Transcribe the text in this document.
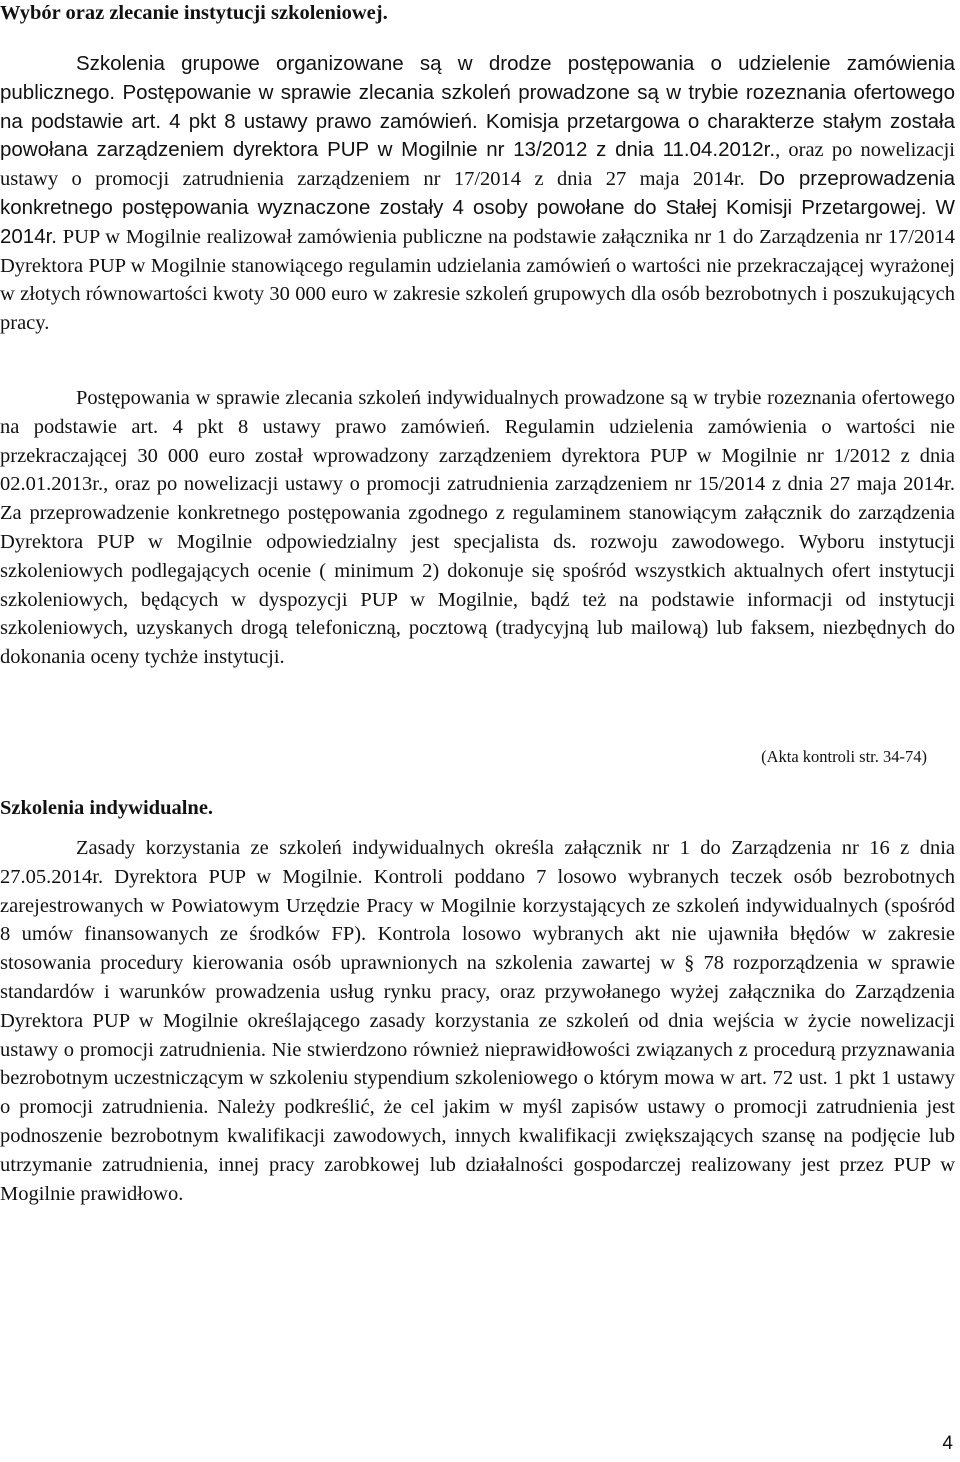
Wybór oraz zlecanie instytucji szkoleniowej.

Szkolenia grupowe organizowane są w drodze postępowania o udzielenie zamówienia publicznego. Postępowanie w sprawie zlecania szkoleń prowadzone są w trybie rozeznania ofertowego na podstawie art. 4 pkt 8 ustawy prawo zamówień. Komisja przetargowa o charakterze stałym została powołana zarządzeniem dyrektora PUP w Mogilnie nr 13/2012 z dnia 11.04.2012r., oraz po nowelizacji ustawy o promocji zatrudnienia zarządzeniem nr 17/2014 z dnia 27 maja 2014r. Do przeprowadzenia konkretnego postępowania wyznaczone zostały 4 osoby powołane do Stałej Komisji Przetargowej. W 2014r. PUP w Mogilnie realizował zamówienia publiczne na podstawie załącznika nr 1 do Zarządzenia nr 17/2014 Dyrektora PUP w Mogilnie stanowiącego regulamin udzielania zamówień o wartości nie przekraczającej wyrażonej w złotych równowartości kwoty 30 000 euro w zakresie szkoleń grupowych dla osób bezrobotnych i poszukujących pracy.

Postępowania w sprawie zlecania szkoleń indywidualnych prowadzone są w trybie rozeznania ofertowego na podstawie art. 4 pkt 8 ustawy prawo zamówień. Regulamin udzielenia zamówienia o wartości nie przekraczającej 30 000 euro został wprowadzony zarządzeniem dyrektora PUP w Mogilnie nr 1/2012 z dnia 02.01.2013r., oraz po nowelizacji ustawy o promocji zatrudnienia zarządzeniem nr 15/2014 z dnia 27 maja 2014r. Za przeprowadzenie konkretnego postępowania zgodnego z regulaminem stanowiącym załącznik do zarządzenia Dyrektora PUP w Mogilnie odpowiedzialny jest specjalista ds. rozwoju zawodowego. Wyboru instytucji szkoleniowych podlegających ocenie ( minimum 2) dokonuje się spośród wszystkich aktualnych ofert instytucji szkoleniowych, będących w dyspozycji PUP w Mogilnie, bądź też na podstawie informacji od instytucji szkoleniowych, uzyskanych drogą telefoniczną, pocztową (tradycyjną lub mailową) lub faksem, niezbędnych do dokonania oceny tychże instytucji.

(Akta kontroli str. 34-74)

Szkolenia indywidualne.

Zasady korzystania ze szkoleń indywidualnych określa załącznik nr 1 do Zarządzenia nr 16 z dnia 27.05.2014r. Dyrektora PUP w Mogilnie. Kontroli poddano 7 losowo wybranych teczek osób bezrobotnych zarejestrowanych w Powiatowym Urzędzie Pracy w Mogilnie korzystających ze szkoleń indywidualnych (spośród 8 umów finansowanych ze środków FP). Kontrola losowo wybranych akt nie ujawniła błędów w zakresie stosowania procedury kierowania osób uprawnionych na szkolenia zawartej w § 78 rozporządzenia w sprawie standardów i warunków prowadzenia usług rynku pracy, oraz przywołanego wyżej załącznika do Zarządzenia Dyrektora PUP w Mogilnie określającego zasady korzystania ze szkoleń od dnia wejścia w życie nowelizacji ustawy o promocji zatrudnienia. Nie stwierdzono również nieprawidłowości związanych z procedurą przyznawania bezrobotnym uczestniczącym w szkoleniu stypendium szkoleniowego o którym mowa w art. 72 ust. 1 pkt 1 ustawy o promocji zatrudnienia. Należy podkreślić, że cel jakim w myśl zapisów ustawy o promocji zatrudnienia jest podnoszenie bezrobotnym kwalifikacji zawodowych, innych kwalifikacji zwiększających szansę na podjęcie lub utrzymanie zatrudnienia, innej pracy zarobkowej lub działalności gospodarczej realizowany jest przez PUP w Mogilnie prawidłowo.

4
